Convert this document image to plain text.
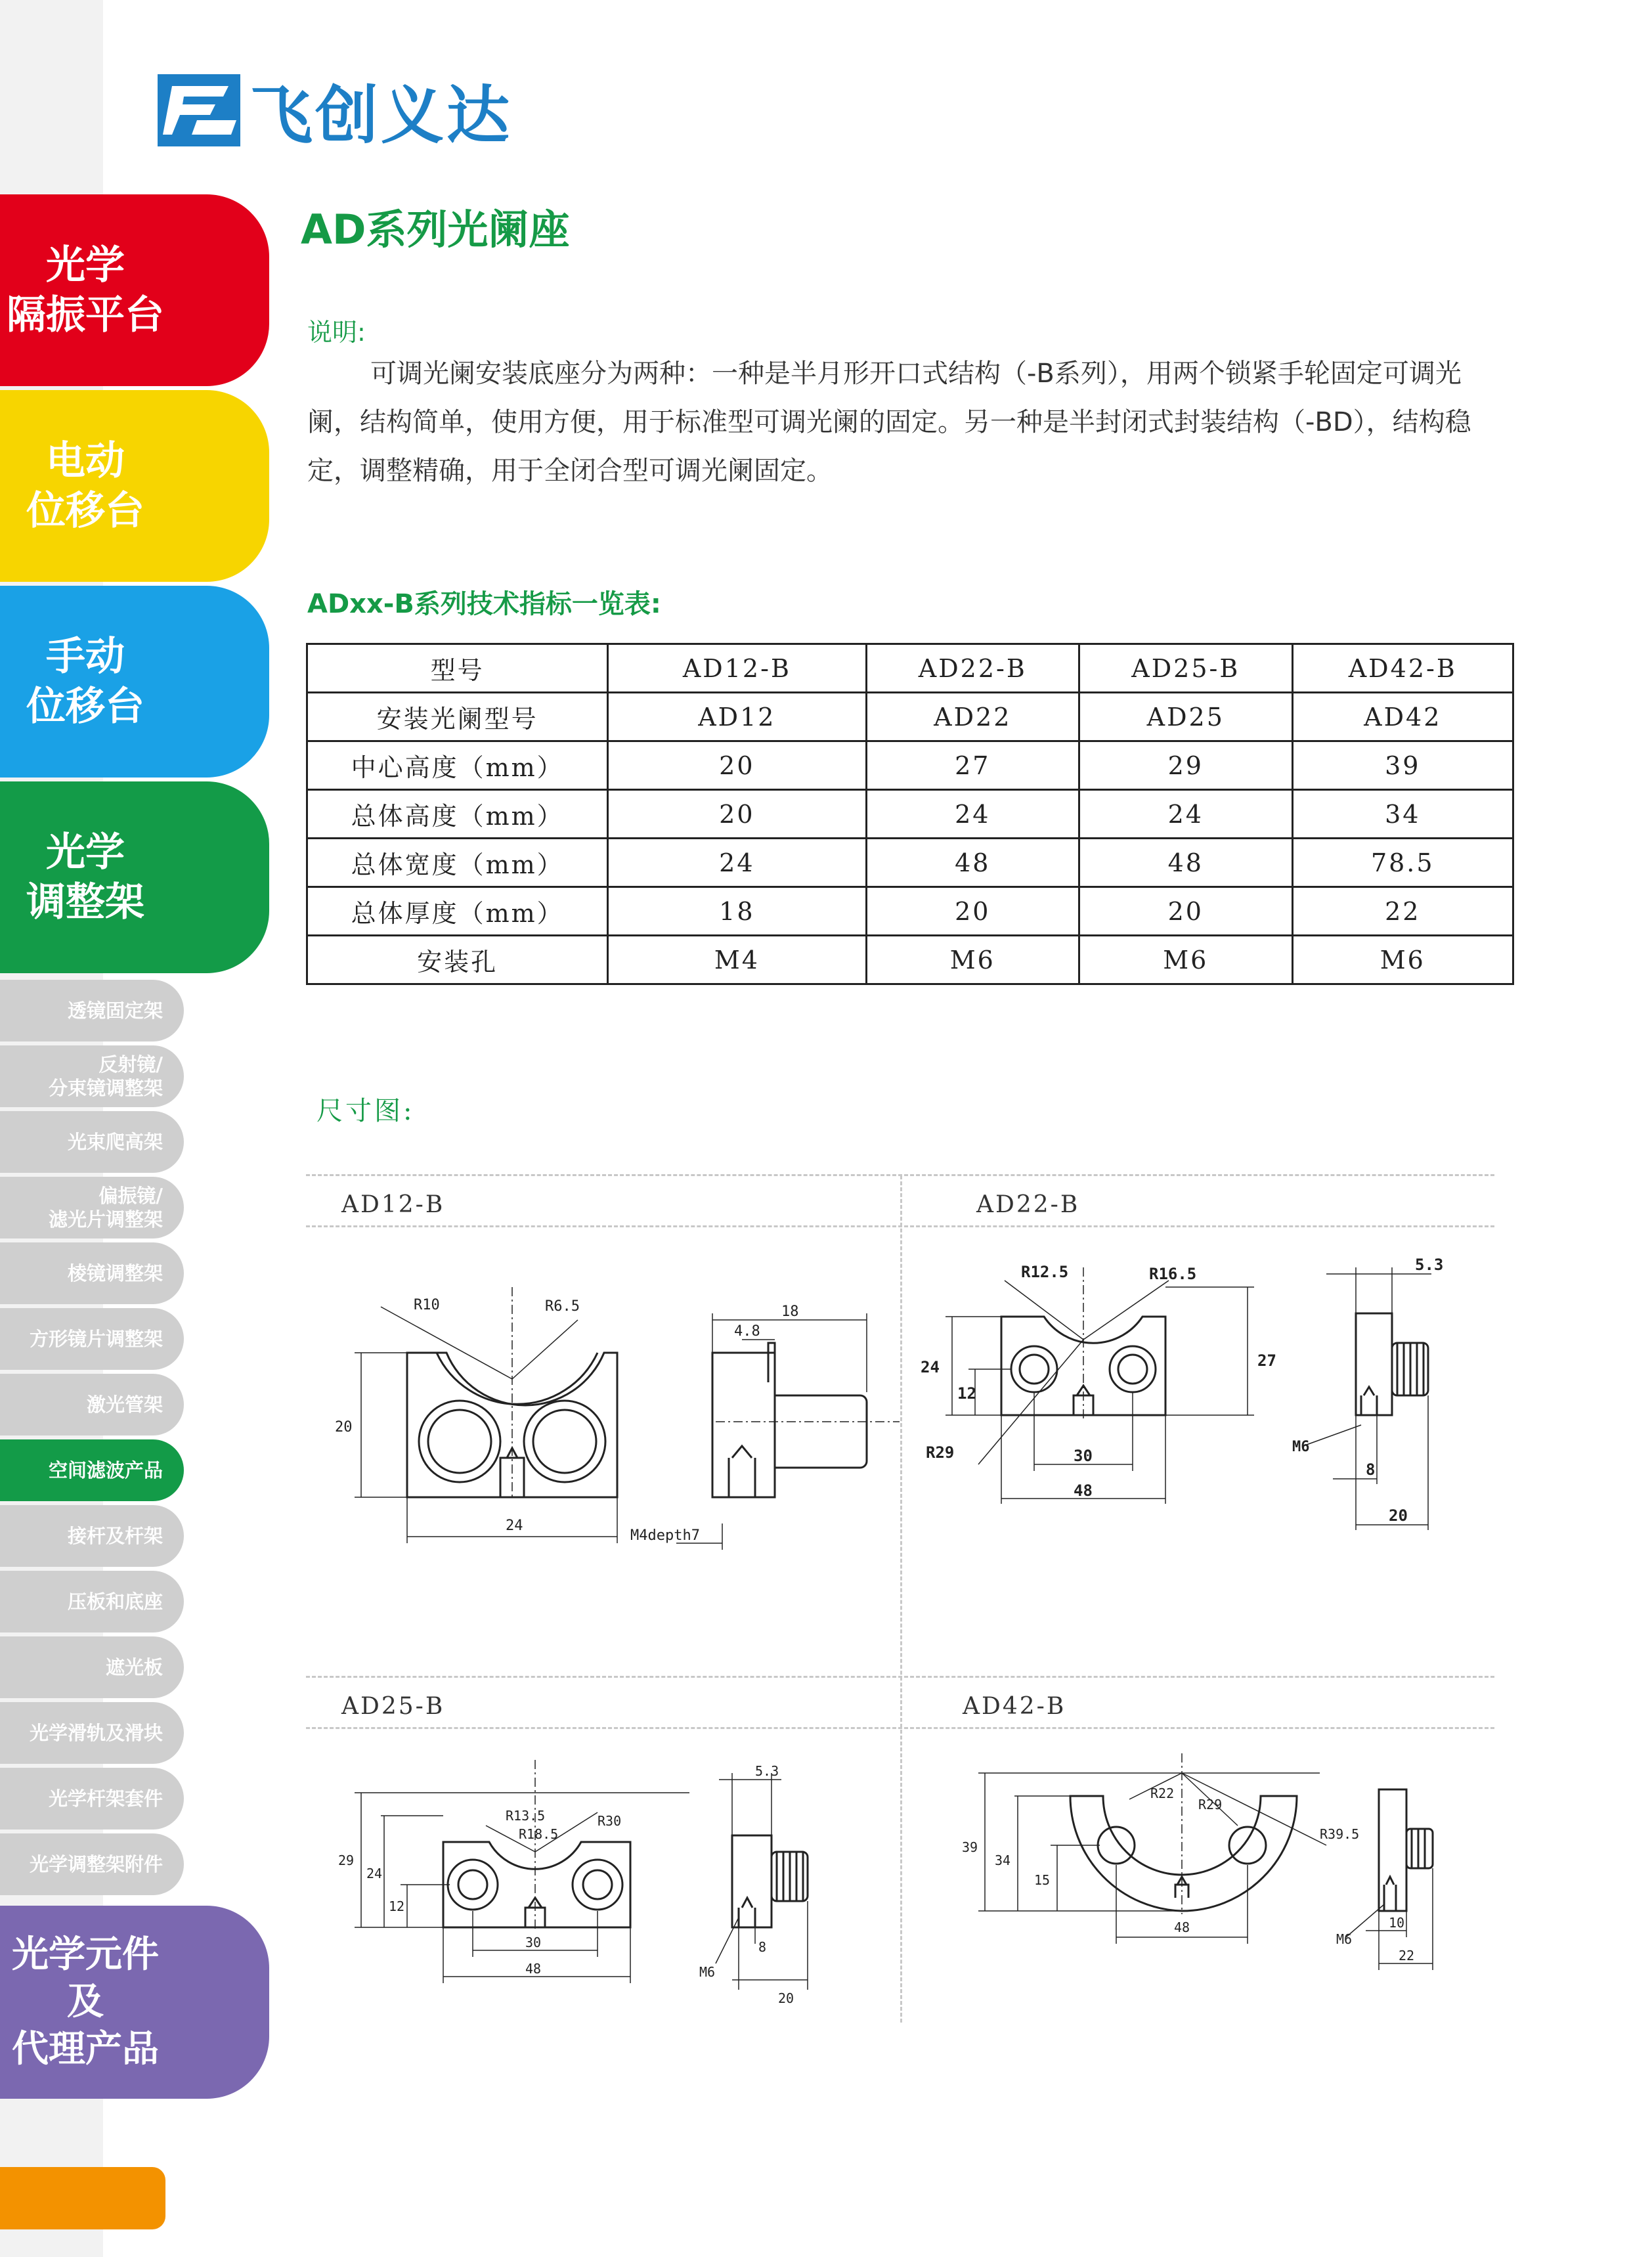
飞创义达
光学
隔振平台
电动
位移台
手动
位移台
光学
调整架
透镜固定架
反射镜/
分束镜调整架
光束爬高架
偏振镜/
滤光片调整架
棱镜调整架
方形镜片调整架
激光管架
空间滤波产品
接杆及杆架
压板和底座
遮光板
光学滑轨及滑块
光学杆架套件
光学调整架附件
光学元件
及
代理产品
AD系列光阑座
说明:
可调光阑安装底座分为两种：一种是半月形开口式结构（-B系列），用两个锁紧手轮固定可调光阑，结构简单，使用方便，用于标准型可调光阑的固定。另一种是半封闭式封装结构（-BD），结构稳定，调整精确，用于全闭合型可调光阑固定。
ADxx-B系列技术指标一览表:
型号	AD12-B	AD22-B	AD25-B	AD42-B
安装光阑型号	AD12	AD22	AD25	AD42
中心高度（mm）	20	27	29	39
总体高度（mm）	20	24	24	34
总体宽度（mm）	24	48	48	78.5
总体厚度（mm）	18	20	20	22
安装孔	M4	M6	M6	M6
尺寸图:
AD12-B	AD22-B
AD25-B	AD42-B
R10	R6.5
20
24
18
4.8
M4depth7
R12.5	R16.5
R29
24
12
27
30
48
5.3
8
20
M6
29
24
12
R13.5
R18.5
R30
30
48
5.3
8
20
M6
39
34
15
R22
R29
R39.5
48	10
22
M6
